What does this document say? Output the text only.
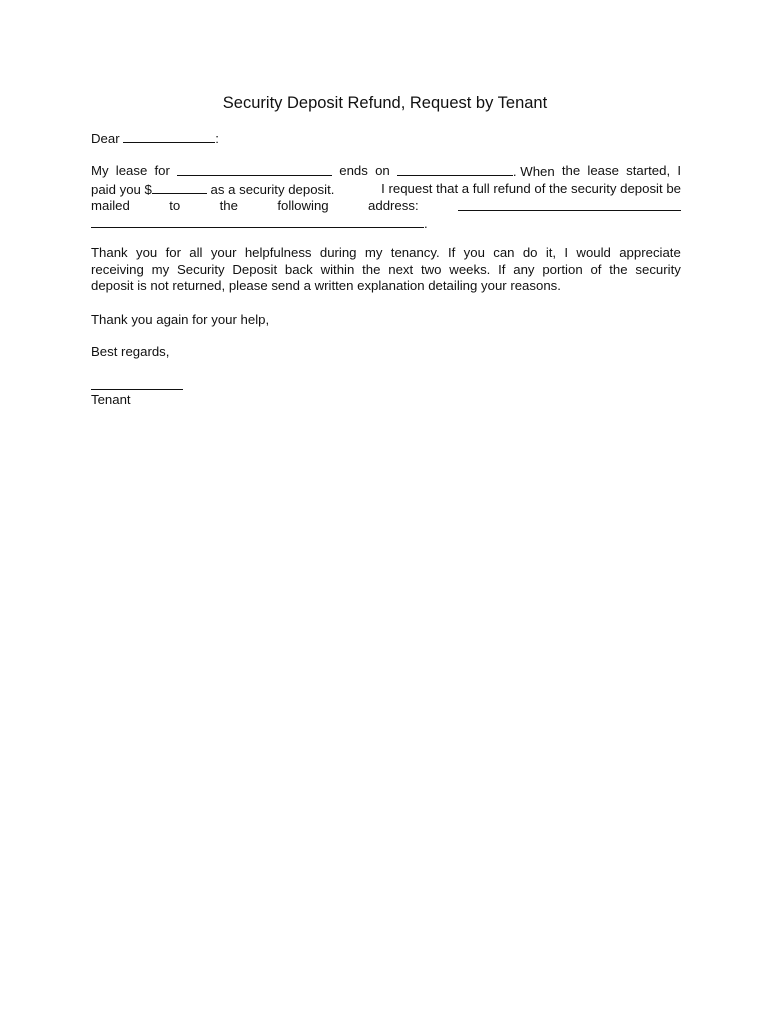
Security Deposit Refund, Request by Tenant
Dear	:
My lease for	ends on	. When the lease started, I
paid you $	as a security deposit.	I request that a full refund of the security deposit be
mailed	to	the	following	address:
.
Thank you for all your helpfulness during my tenancy. If you can do it, I would appreciate
receiving my Security Deposit back within the next two weeks. If any portion of the security
deposit is not returned, please send a written explanation detailing your reasons.
Thank you again for your help,
Best regards,
Tenant
